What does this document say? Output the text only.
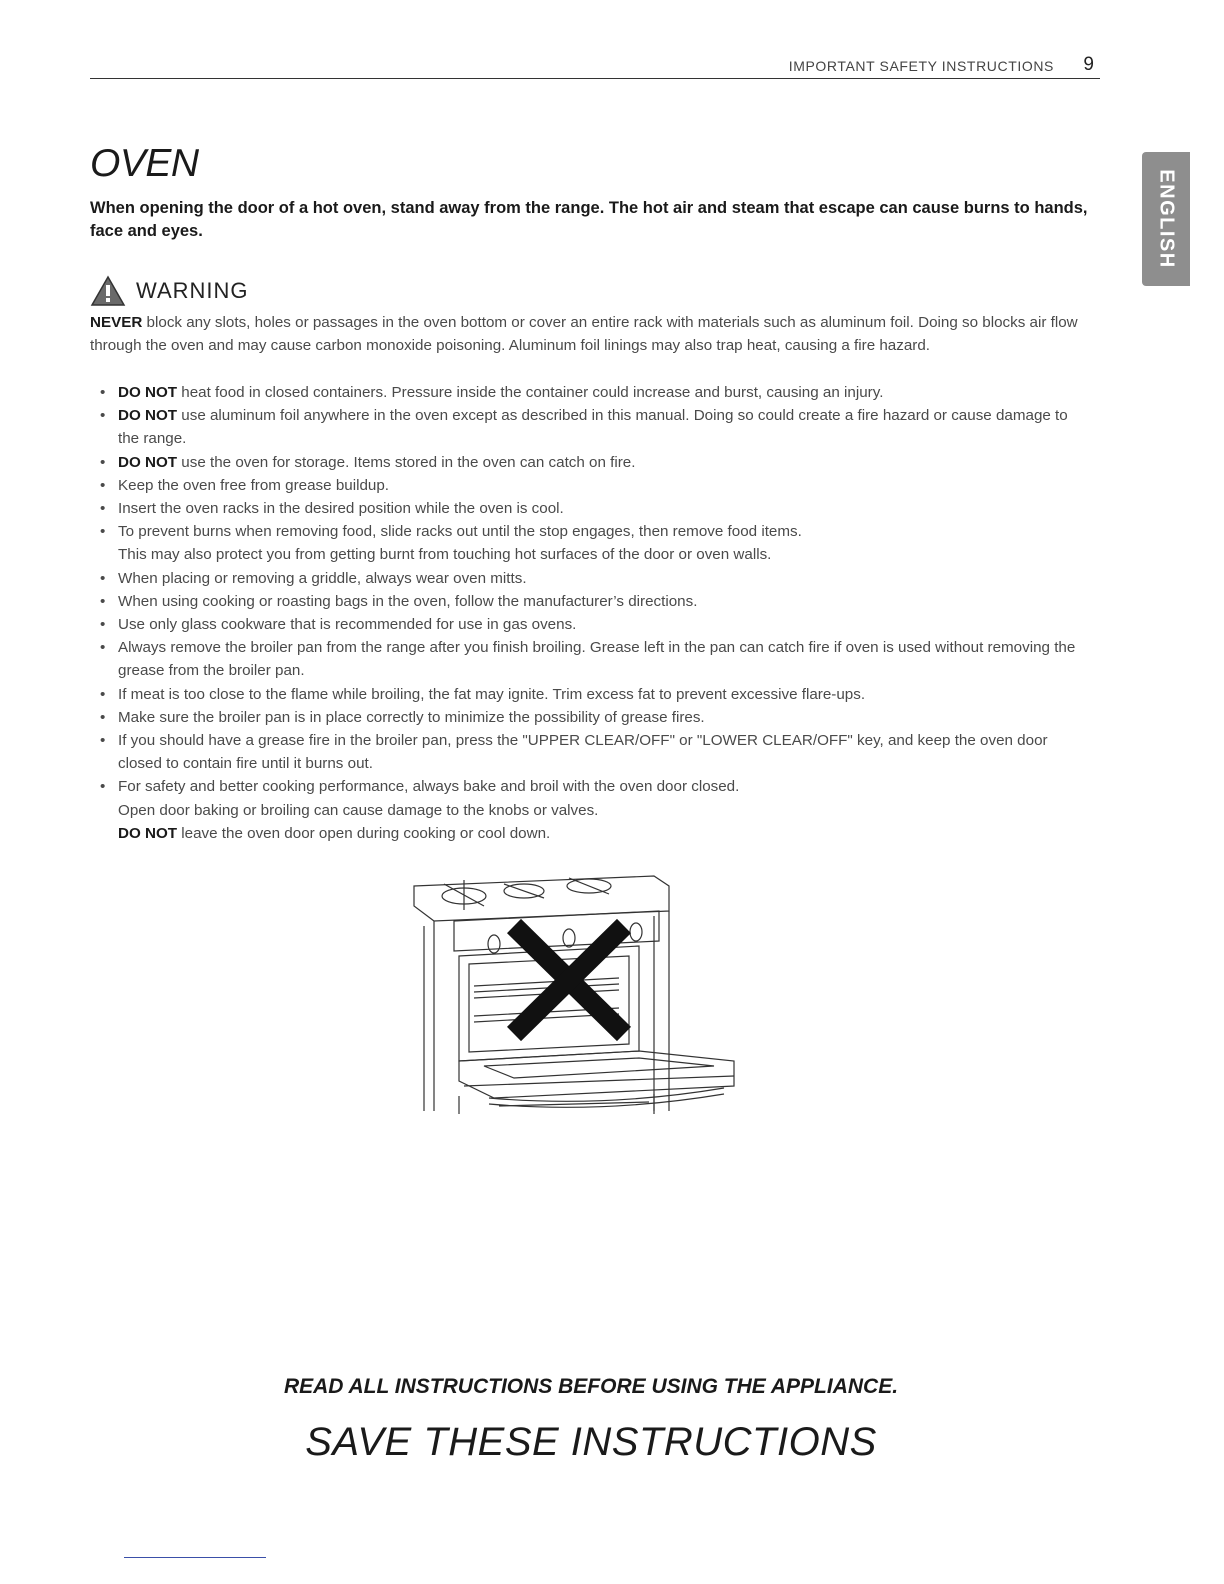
IMPORTANT SAFETY INSTRUCTIONS 9
ENGLISH
OVEN
When opening the door of a hot oven, stand away from the range. The hot air and steam that escape can cause burns to hands, face and eyes.
WARNING
NEVER block any slots, holes or passages in the oven bottom or cover an entire rack with materials such as aluminum foil. Doing so blocks air flow through the oven and may cause carbon monoxide poisoning. Aluminum foil linings may also trap heat, causing a fire hazard.
• DO NOT heat food in closed containers. Pressure inside the container could increase and burst, causing an injury.
• DO NOT use aluminum foil anywhere in the oven except as described in this manual. Doing so could create a fire hazard or cause damage to the range.
• DO NOT use the oven for storage. Items stored in the oven can catch on fire.
• Keep the oven free from grease buildup.
• Insert the oven racks in the desired position while the oven is cool.
• To prevent burns when removing food, slide racks out until the stop engages, then remove food items.
This may also protect you from getting burnt from touching hot surfaces of the door or oven walls.
• When placing or removing a griddle, always wear oven mitts.
• When using cooking or roasting bags in the oven, follow the manufacturer’s directions.
• Use only glass cookware that is recommended for use in gas ovens.
• Always remove the broiler pan from the range after you finish broiling. Grease left in the pan can catch fire if oven is used without removing the grease from the broiler pan.
• If meat is too close to the flame while broiling, the fat may ignite. Trim excess fat to prevent excessive flare-ups.
• Make sure the broiler pan is in place correctly to minimize the possibility of grease fires.
• If you should have a grease fire in the broiler pan, press the "UPPER CLEAR/OFF" or "LOWER CLEAR/OFF" key, and keep the oven door closed to contain fire until it burns out.
• For safety and better cooking performance, always bake and broil with the oven door closed.
Open door baking or broiling can cause damage to the knobs or valves.
DO NOT leave the oven door open during cooking or cool down.
READ ALL INSTRUCTIONS BEFORE USING THE APPLIANCE.
SAVE THESE INSTRUCTIONS
